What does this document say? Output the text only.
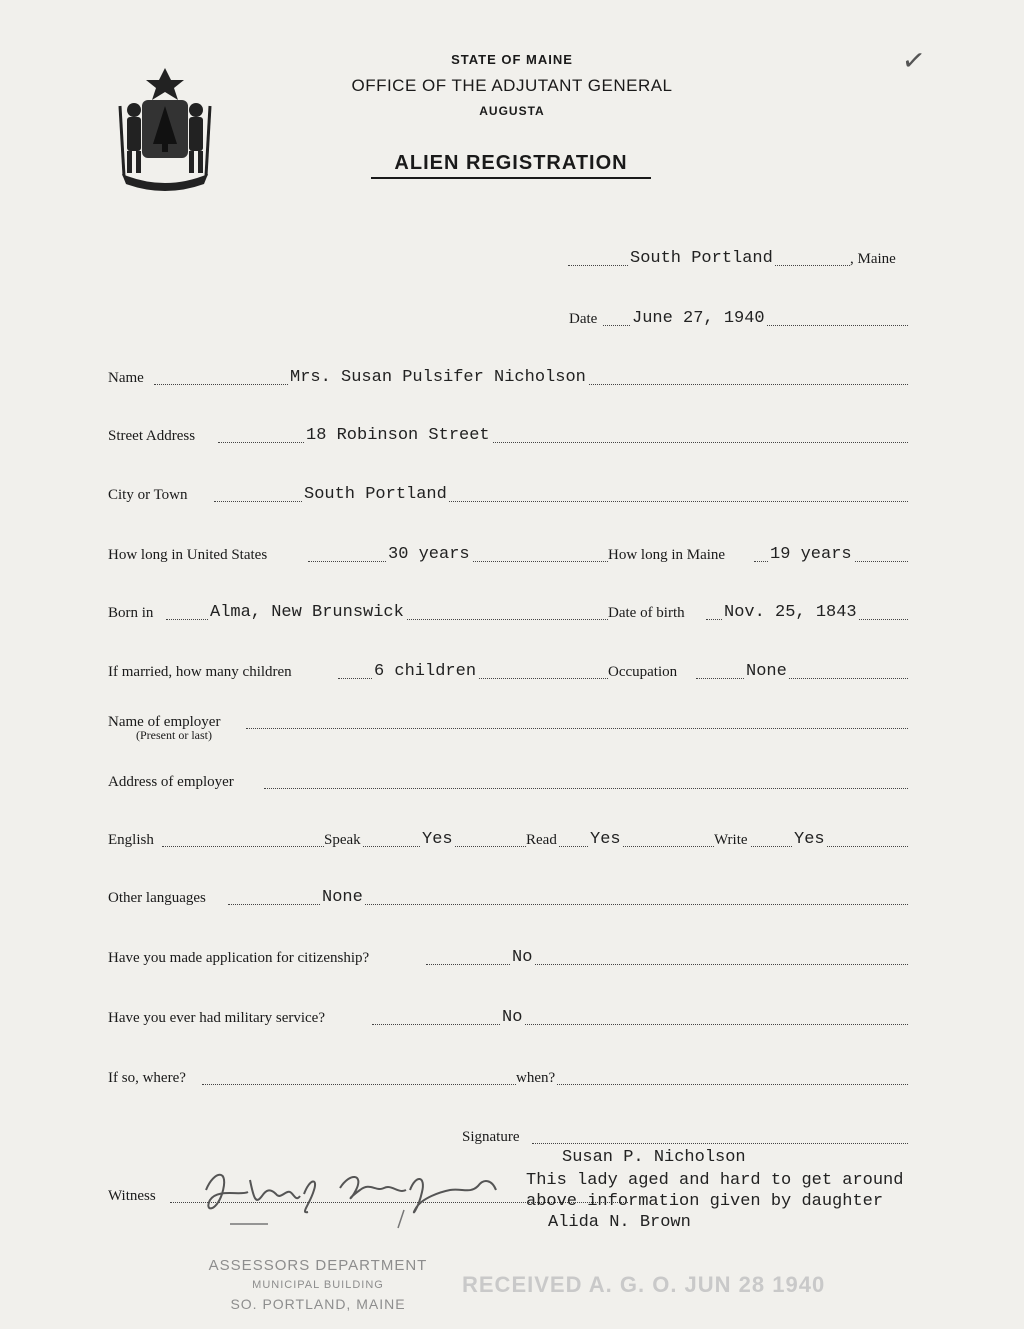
STATE OF MAINE
OFFICE OF THE ADJUTANT GENERAL
AUGUSTA
ALIEN REGISTRATION
✓
South Portland	, Maine
Date June 27, 1940
Name	Mrs. Susan Pulsifer Nicholson
Street Address	18 Robinson Street
City or Town	South Portland
How long in United States	30 years	How long in Maine	19 years
Born in	Alma, New Brunswick	Date of birth Nov. 25, 1843
If married, how many children	6 children	Occupation	None
Name of employer
(Present or last)
Address of employer
English	Speak	Yes	Read Yes	Write	Yes
Other languages	None
Have you made application for citizenship?	No
Have you ever had military service?	No
If so, where?	when?
Signature
Susan P. Nicholson
Witness
This lady aged and hard to get around
above information given by daughter
Alida N. Brown
ASSESSORS DEPARTMENT
MUNICIPAL BUILDING
SO. PORTLAND, MAINE
RECEIVED A. G. O. JUN 28 1940
